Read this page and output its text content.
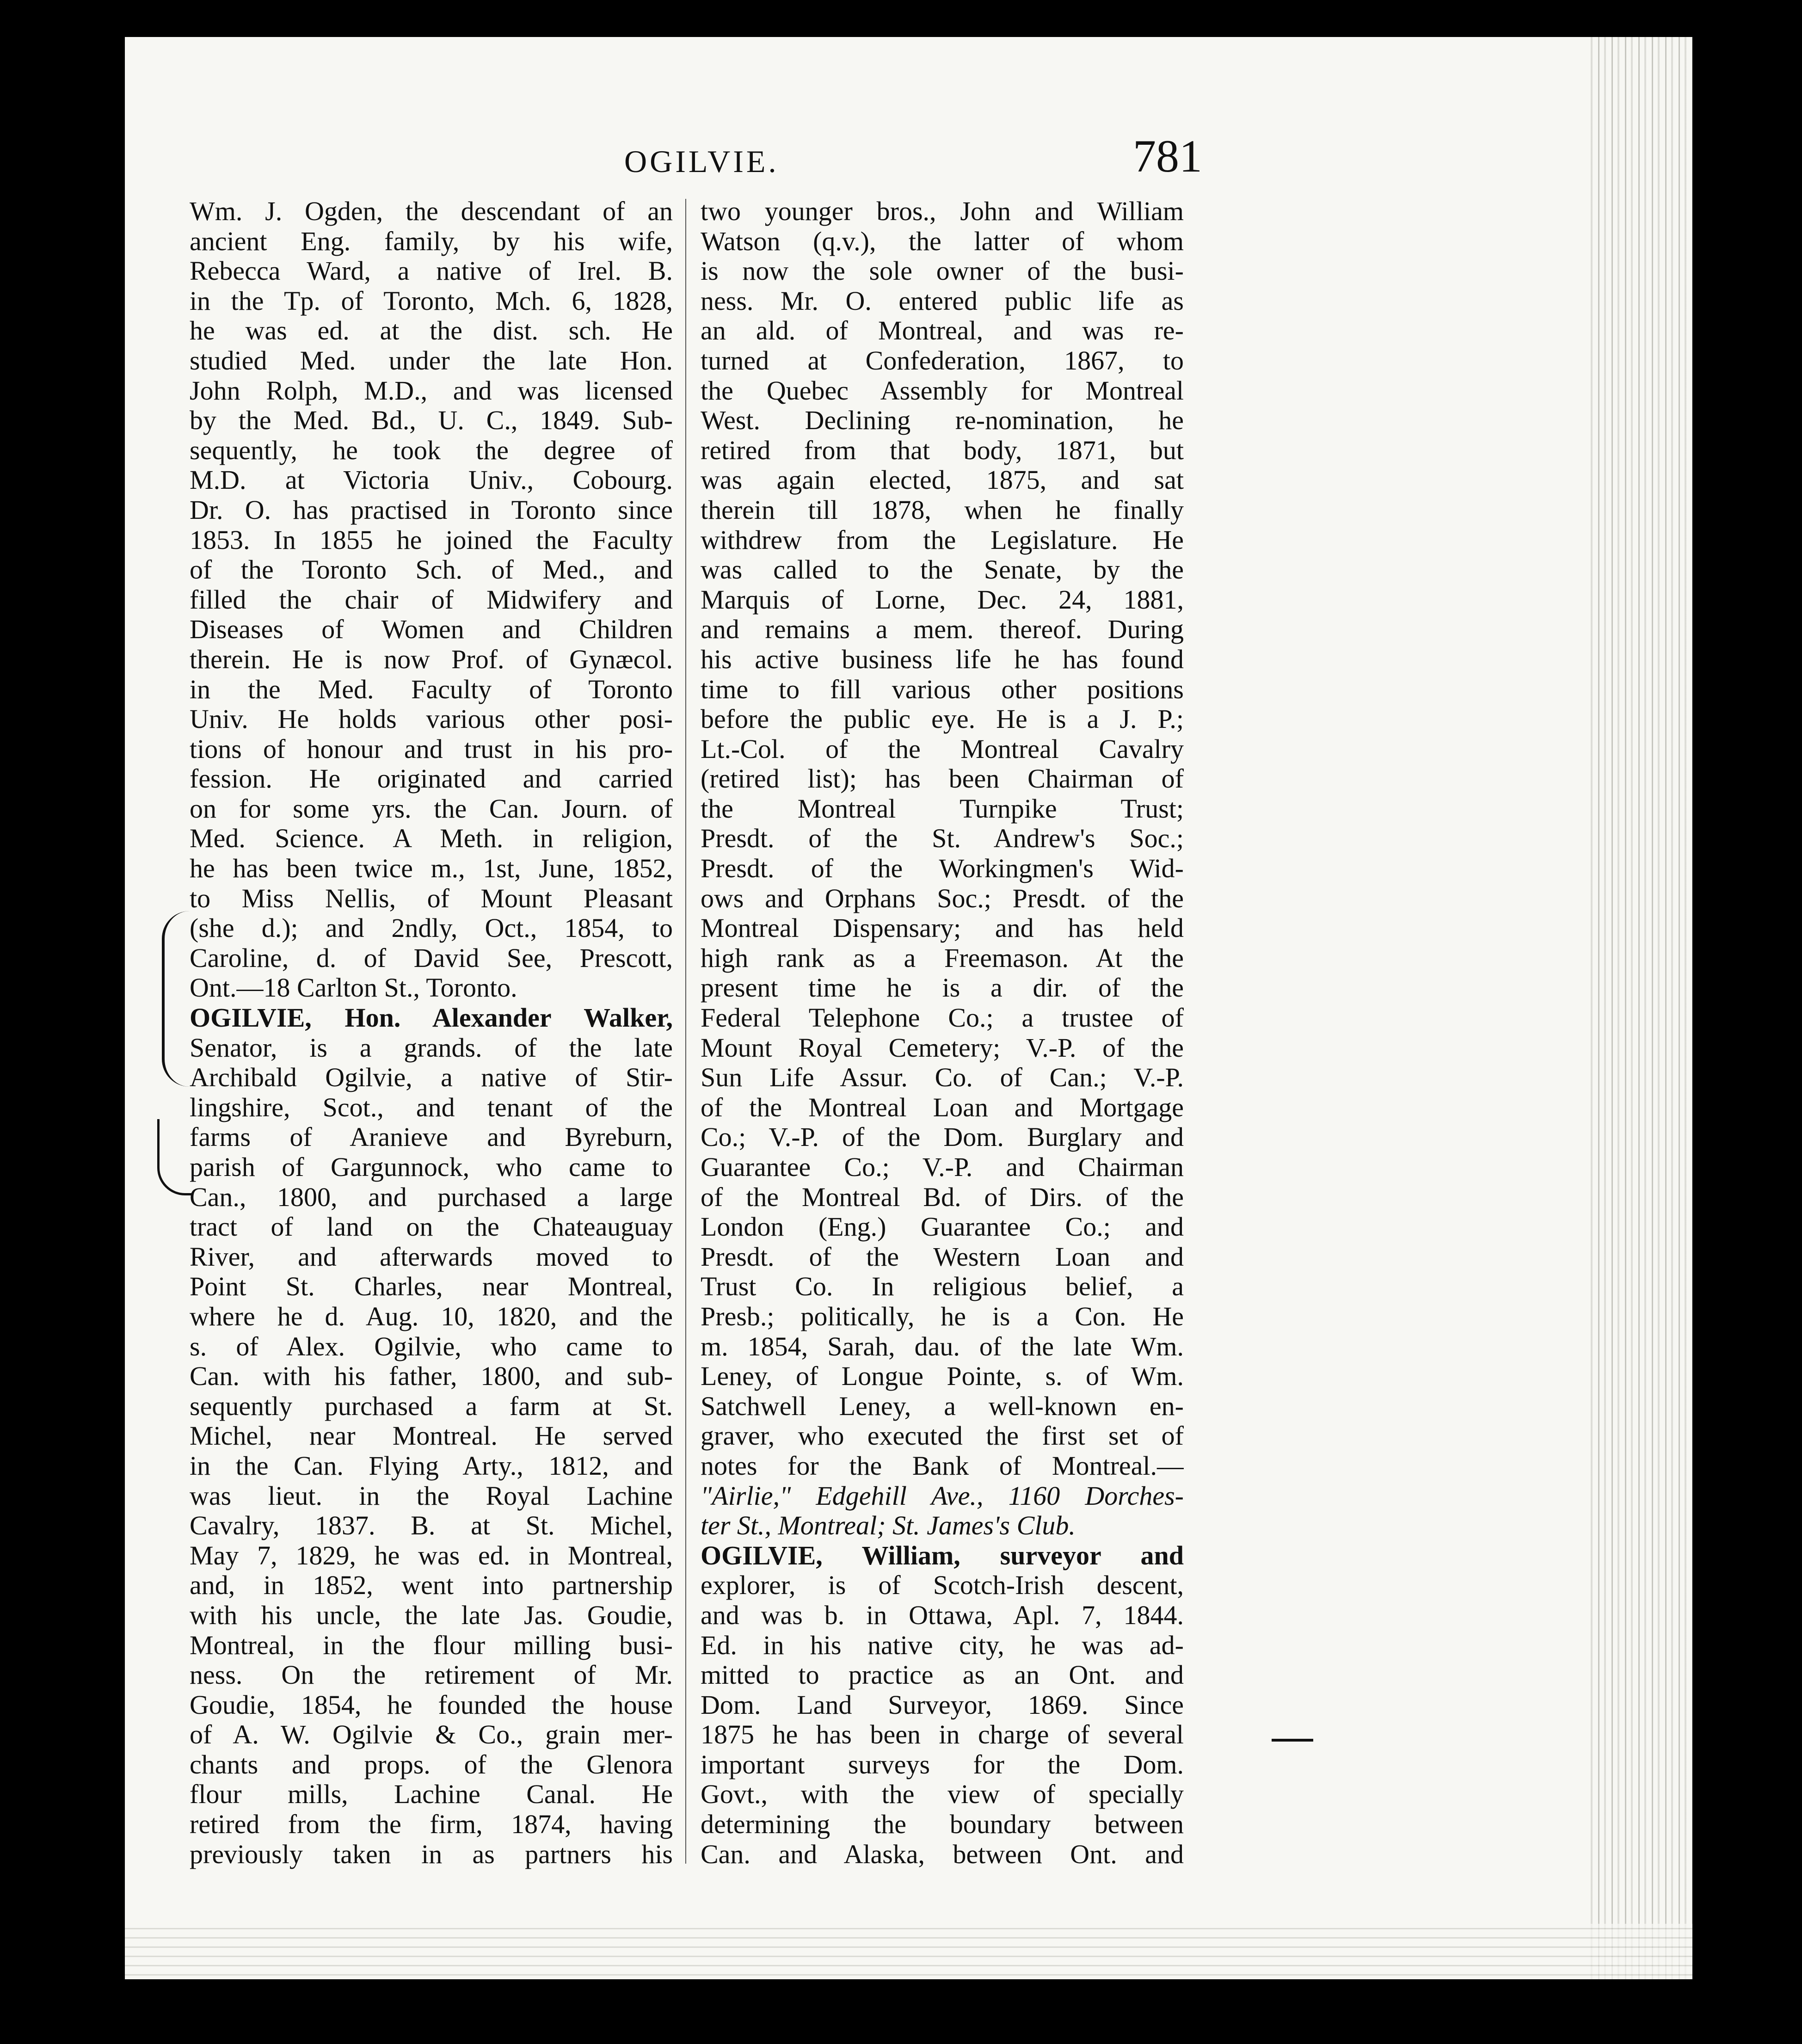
OGILVIE.	781
Wm. J. Ogden, the descendant of an
ancient Eng. family, by his wife,
Rebecca Ward, a native of Irel. B.
in the Tp. of Toronto, Mch. 6, 1828,
he was ed. at the dist. sch. He
studied Med. under the late Hon.
John Rolph, M.D., and was licensed
by the Med. Bd., U. C., 1849. Sub-
sequently, he took the degree of
M.D. at Victoria Univ., Cobourg.
Dr. O. has practised in Toronto since
1853. In 1855 he joined the Faculty
of the Toronto Sch. of Med., and
filled the chair of Midwifery and
Diseases of Women and Children
therein. He is now Prof. of Gynæcol.
in the Med. Faculty of Toronto
Univ. He holds various other posi-
tions of honour and trust in his pro-
fession. He originated and carried
on for some yrs. the Can. Journ. of
Med. Science. A Meth. in religion,
he has been twice m., 1st, June, 1852,
to Miss Nellis, of Mount Pleasant
(she d.); and 2ndly, Oct., 1854, to
Caroline, d. of David See, Prescott,
Ont.—18 Carlton St., Toronto.
OGILVIE, Hon. Alexander Walker,
Senator, is a grands. of the late
Archibald Ogilvie, a native of Stir-
lingshire, Scot., and tenant of the
farms of Aranieve and Byreburn,
parish of Gargunnock, who came to
Can., 1800, and purchased a large
tract of land on the Chateauguay
River, and afterwards moved to
Point St. Charles, near Montreal,
where he d. Aug. 10, 1820, and the
s. of Alex. Ogilvie, who came to
Can. with his father, 1800, and sub-
sequently purchased a farm at St.
Michel, near Montreal. He served
in the Can. Flying Arty., 1812, and
was lieut. in the Royal Lachine
Cavalry, 1837. B. at St. Michel,
May 7, 1829, he was ed. in Montreal,
and, in 1852, went into partnership
with his uncle, the late Jas. Goudie,
Montreal, in the flour milling busi-
ness. On the retirement of Mr.
Goudie, 1854, he founded the house
of A. W. Ogilvie & Co., grain mer-
chants and props. of the Glenora
flour mills, Lachine Canal. He
retired from the firm, 1874, having
previously taken in as partners his
two younger bros., John and William
Watson (q.v.), the latter of whom
is now the sole owner of the busi-
ness. Mr. O. entered public life as
an ald. of Montreal, and was re-
turned at Confederation, 1867, to
the Quebec Assembly for Montreal
West. Declining re-nomination, he
retired from that body, 1871, but
was again elected, 1875, and sat
therein till 1878, when he finally
withdrew from the Legislature. He
was called to the Senate, by the
Marquis of Lorne, Dec. 24, 1881,
and remains a mem. thereof. During
his active business life he has found
time to fill various other positions
before the public eye. He is a J. P.;
Lt.-Col. of the Montreal Cavalry
(retired list); has been Chairman of
the Montreal Turnpike Trust;
Presdt. of the St. Andrew's Soc.;
Presdt. of the Workingmen's Wid-
ows and Orphans Soc.; Presdt. of the
Montreal Dispensary; and has held
high rank as a Freemason. At the
present time he is a dir. of the
Federal Telephone Co.; a trustee of
Mount Royal Cemetery; V.-P. of the
Sun Life Assur. Co. of Can.; V.-P.
of the Montreal Loan and Mortgage
Co.; V.-P. of the Dom. Burglary and
Guarantee Co.; V.-P. and Chairman
of the Montreal Bd. of Dirs. of the
London (Eng.) Guarantee Co.; and
Presdt. of the Western Loan and
Trust Co. In religious belief, a
Presb.; politically, he is a Con. He
m. 1854, Sarah, dau. of the late Wm.
Leney, of Longue Pointe, s. of Wm.
Satchwell Leney, a well-known en-
graver, who executed the first set of
notes for the Bank of Montreal.—
"Airlie," Edgehill Ave., 1160 Dorches-
ter St., Montreal; St. James's Club.
OGILVIE, William, surveyor and
explorer, is of Scotch-Irish descent,
and was b. in Ottawa, Apl. 7, 1844.
Ed. in his native city, he was ad-
mitted to practice as an Ont. and
Dom. Land Surveyor, 1869. Since
1875 he has been in charge of several
important surveys for the Dom.
Govt., with the view of specially
determining the boundary between
Can. and Alaska, between Ont. and
